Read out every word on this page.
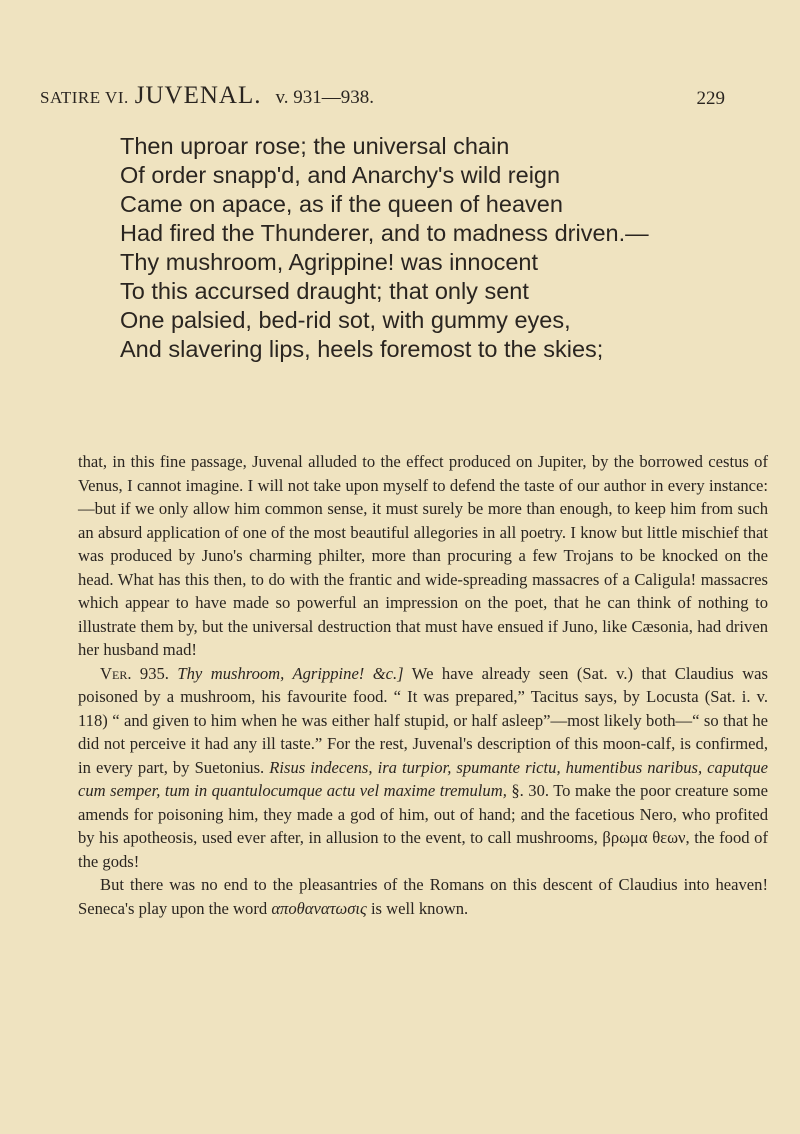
SATIRE VI. JUVENAL. v. 931—938.	229
Then uproar rose; the universal chain
Of order snapp'd, and Anarchy's wild reign
Came on apace, as if the queen of heaven
Had fired the Thunderer, and to madness driven.—
Thy mushroom, Agrippine! was innocent
To this accursed draught; that only sent
One palsied, bed-rid sot, with gummy eyes,
And slavering lips, heels foremost to the skies;

that, in this fine passage, Juvenal alluded to the effect produced on Jupiter, by the borrowed cestus of Venus, I cannot imagine. I will not take upon myself to defend the taste of our author in every instance:—but if we only allow him common sense, it must surely be more than enough, to keep him from such an absurd application of one of the most beautiful allegories in all poetry. I know but little mischief that was produced by Juno's charming philter, more than procuring a few Trojans to be knocked on the head. What has this then, to do with the frantic and wide-spreading massacres of a Caligula! massacres which appear to have made so powerful an impression on the poet, that he can think of nothing to illustrate them by, but the universal destruction that must have ensued if Juno, like Cæsonia, had driven her husband mad!

Ver. 935. Thy mushroom, Agrippine! &c.] We have already seen (Sat. v.) that Claudius was poisoned by a mushroom, his favourite food. “ It was prepared,” Tacitus says, by Locusta (Sat. i. v. 118) “ and given to him when he was either half stupid, or half asleep”—most likely both—“ so that he did not perceive it had any ill taste.” For the rest, Juvenal's description of this moon-calf, is confirmed, in every part, by Suetonius. Risus indecens, ira turpior, spumante rictu, humentibus naribus, caputque cum semper, tum in quantulocumque actu vel maxime tremulum, §. 30. To make the poor creature some amends for poisoning him, they made a god of him, out of hand; and the facetious Nero, who profited by his apotheosis, used ever after, in allusion to the event, to call mushrooms, βρωμα θεων, the food of the gods!

But there was no end to the pleasantries of the Romans on this descent of Claudius into heaven! Seneca's play upon the word αποθανατωσις is well known.
